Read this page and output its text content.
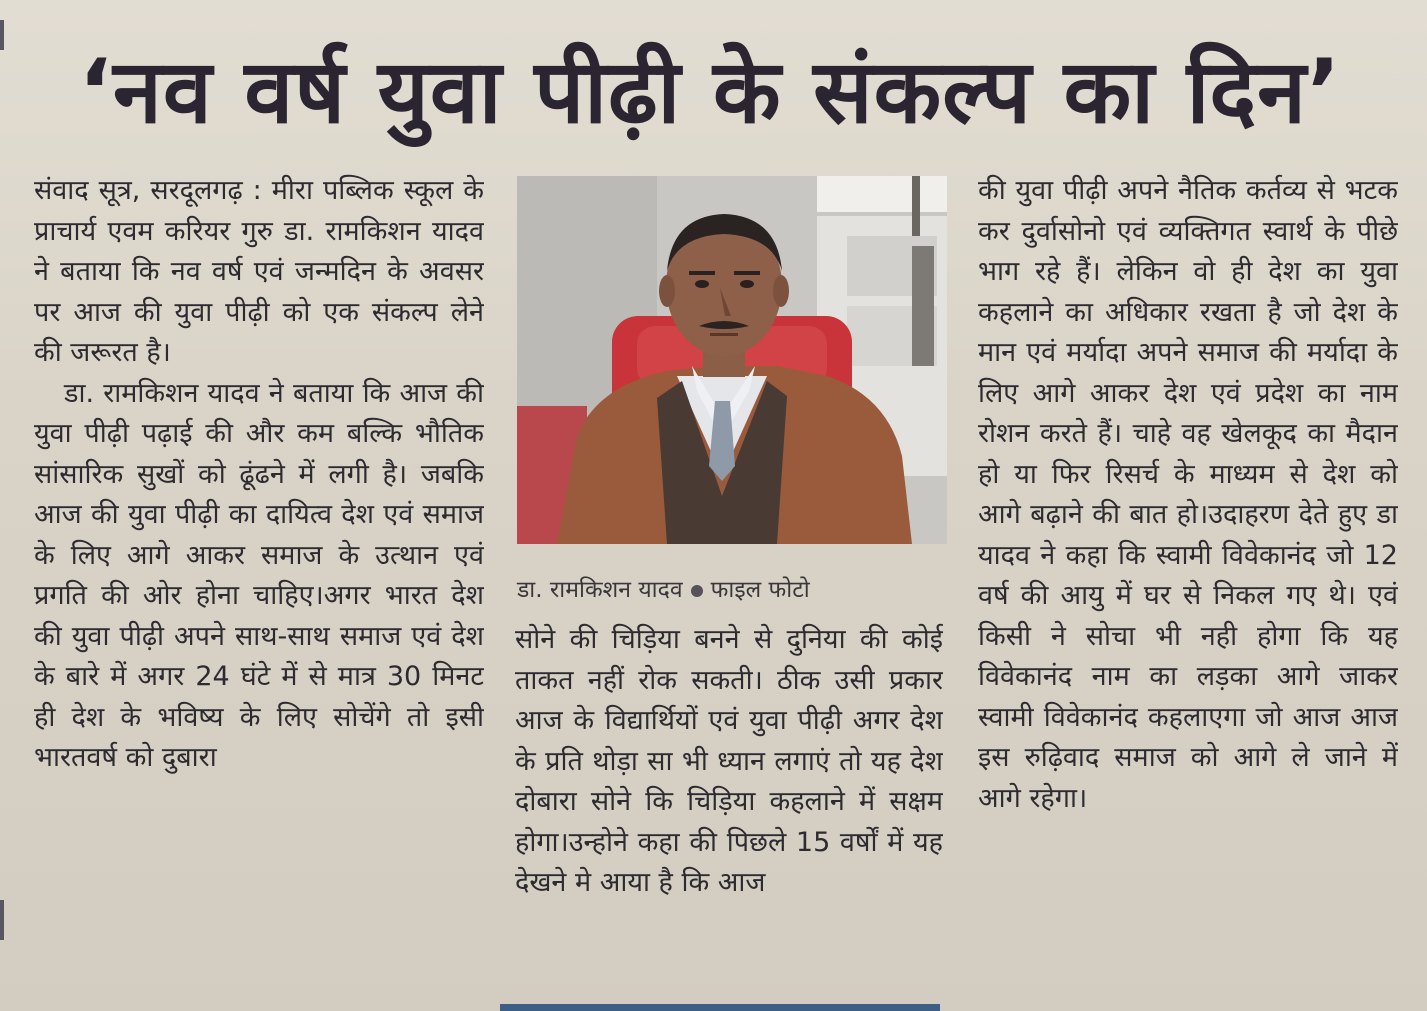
‘नव वर्ष युवा पीढ़ी के संकल्प का दिन’

संवाद सूत्र, सरदूलगढ़ : मीरा पब्लिक स्कूल के प्राचार्य एवम करियर गुरु डा. रामकिशन यादव ने बताया कि नव वर्ष एवं जन्मदिन के अवसर पर आज की युवा पीढ़ी को एक संकल्प लेने की जरूरत है।

डा. रामकिशन यादव ने बताया कि आज की युवा पीढ़ी पढ़ाई की और कम बल्कि भौतिक सांसारिक सुखों को ढूंढने में लगी है। जबकि आज की युवा पीढ़ी का दायित्व देश एवं समाज के लिए आगे आकर समाज के उत्थान एवं प्रगति की ओर होना चाहिए।अगर भारत देश की युवा पीढ़ी अपने साथ-साथ समाज एवं देश के बारे में अगर 24 घंटे में से मात्र 30 मिनट ही देश के भविष्य के लिए सोचेंगे तो इसी भारतवर्ष को दुबारा

डा. रामकिशन यादव फाइल फोटो

सोने की चिड़िया बनने से दुनिया की कोई ताकत नहीं रोक सकती। ठीक उसी प्रकार आज के विद्यार्थियों एवं युवा पीढ़ी अगर देश के प्रति थोड़ा सा भी ध्यान लगाएं तो यह देश दोबारा सोने कि चिड़िया कहलाने में सक्षम होगा।उन्होने कहा की पिछले 15 वर्षों में यह देखने मे आया है कि आज

की युवा पीढ़ी अपने नैतिक कर्तव्य से भटक कर दुर्वासोनो एवं व्यक्तिगत स्वार्थ के पीछे भाग रहे हैं। लेकिन वो ही देश का युवा कहलाने का अधिकार रखता है जो देश के मान एवं मर्यादा अपने समाज की मर्यादा के लिए आगे आकर देश एवं प्रदेश का नाम रोशन करते हैं। चाहे वह खेलकूद का मैदान हो या फिर रिसर्च के माध्यम से देश को आगे बढ़ाने की बात हो।उदाहरण देते हुए डा यादव ने कहा कि स्वामी विवेकानंद जो 12 वर्ष की आयु में घर से निकल गए थे। एवं किसी ने सोचा भी नही होगा कि यह विवेकानंद नाम का लड़का आगे जाकर स्वामी विवेकानंद कहलाएगा जो आज आज इस रुढ़िवाद समाज को आगे ले जाने में आगे रहेगा।
